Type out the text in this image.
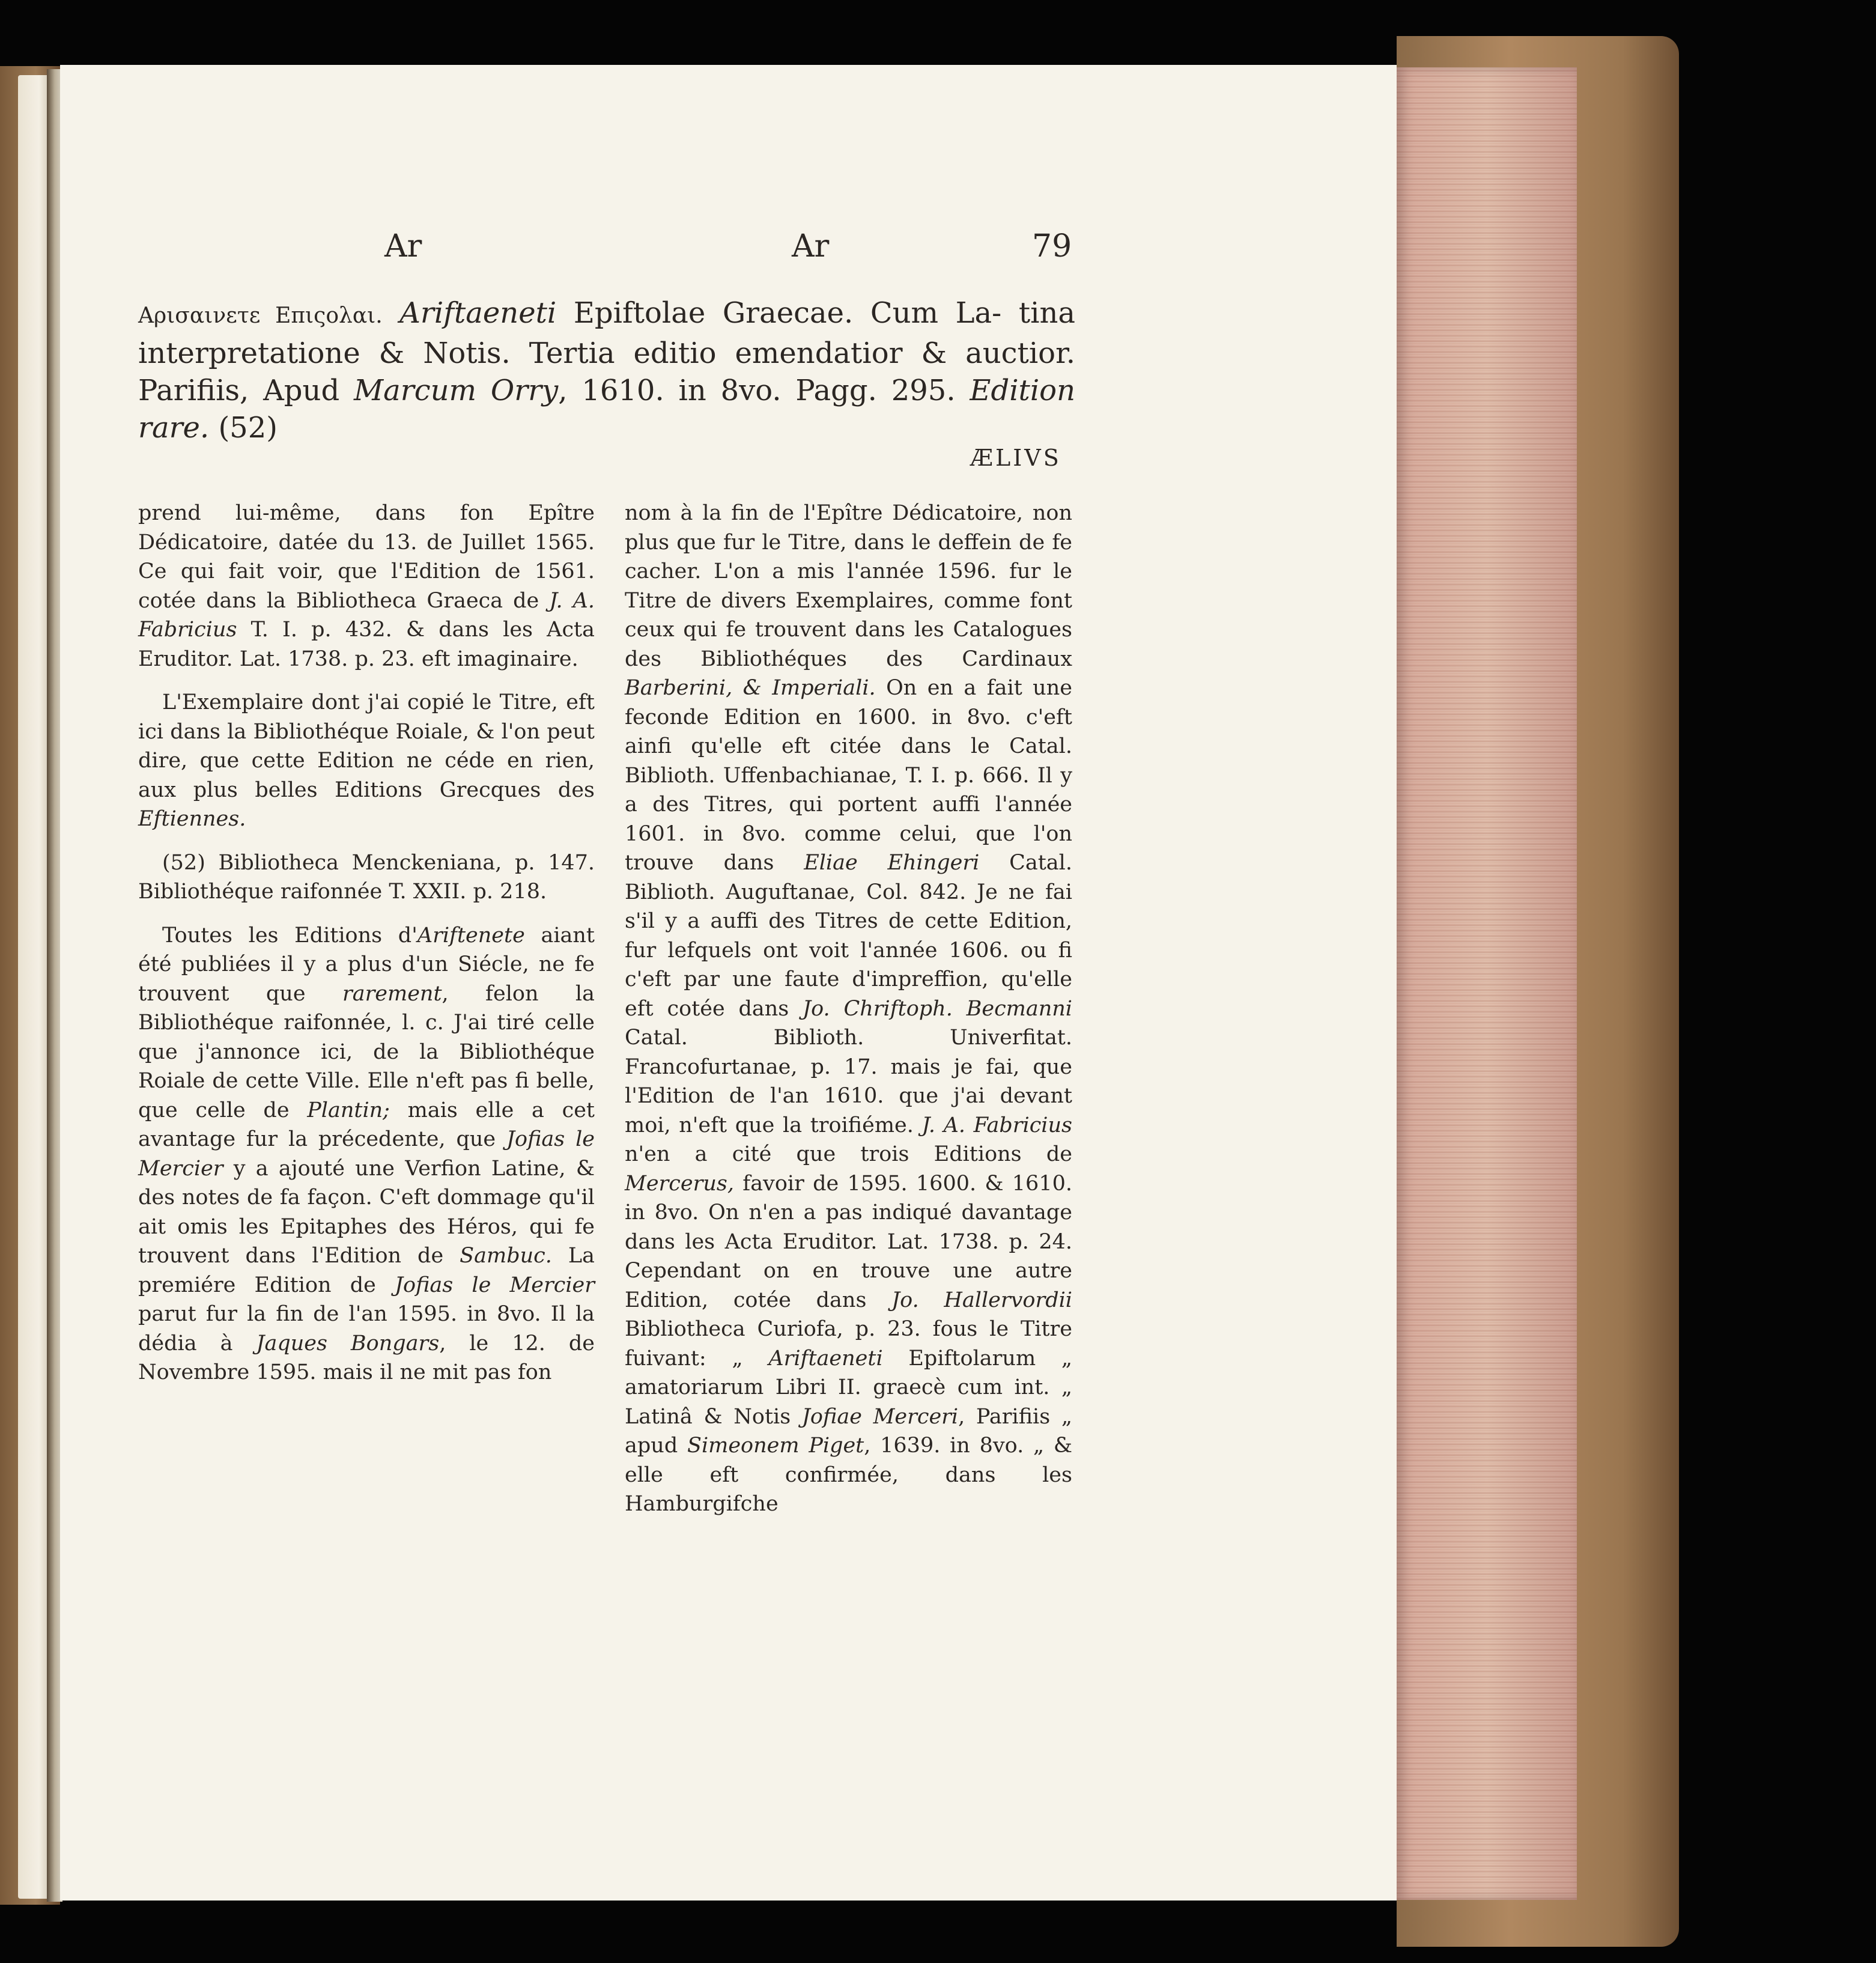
Ar	Ar	79
Αρισαινετε Επιςολαι. Ariftaeneti Epiftolae Graecae. Cum La- tina interpretatione & Notis. Tertia editio emendatior & auctior. Parifiis, Apud Marcum Orry, 1610. in 8vo. Pagg. 295. Edition rare. (52)
ÆLIVS

prend lui-même, dans fon Epître Dédicatoire, datée du 13. de Juillet 1565. Ce qui fait voir, que l'Edition de 1561. cotée dans la Bibliotheca Graeca de J. A. Fabricius T. I. p. 432. & dans les Acta Eruditor. Lat. 1738. p. 23. eft imaginaire.

L'Exemplaire dont j'ai copié le Titre, eft ici dans la Bibliothéque Roiale, & l'on peut dire, que cette Edition ne céde en rien, aux plus belles Editions Grecques des Eftiennes.

(52) Bibliotheca Menckeniana, p. 147. Bibliothéque raifonnée T. XXII. p. 218.

Toutes les Editions d'Ariftenete aiant été publiées il y a plus d'un Siécle, ne fe trouvent que rarement, felon la Bibliothéque raifonnée, l. c. J'ai tiré celle que j'annonce ici, de la Bibliothéque Roiale de cette Ville. Elle n'eft pas fi belle, que celle de Plantin; mais elle a cet avantage fur la précedente, que Jofias le Mercier y a ajouté une Verfion Latine, & des notes de fa façon. C'eft dommage qu'il ait omis les Epitaphes des Héros, qui fe trouvent dans l'Edition de Sambuc. La premiére Edition de Jofias le Mercier parut fur la fin de l'an 1595. in 8vo. Il la dédia à Jaques Bongars, le 12. de Novembre 1595. mais il ne mit pas fon

nom à la fin de l'Epître Dédicatoire, non plus que fur le Titre, dans le deffein de fe cacher. L'on a mis l'année 1596. fur le Titre de divers Exemplaires, comme font ceux qui fe trouvent dans les Catalogues des Bibliothéques des Cardinaux Barberini, & Imperiali. On en a fait une feconde Edition en 1600. in 8vo. c'eft ainfi qu'elle eft citée dans le Catal. Biblioth. Uffenbachianae, T. I. p. 666. Il y a des Titres, qui portent auffi l'année 1601. in 8vo. comme celui, que l'on trouve dans Eliae Ehingeri Catal. Biblioth. Auguftanae, Col. 842. Je ne fai s'il y a auffi des Titres de cette Edition, fur lefquels ont voit l'année 1606. ou fi c'eft par une faute d'impreffion, qu'elle eft cotée dans Jo. Chriftoph. Becmanni Catal. Biblioth. Univerfitat. Francofurtanae, p. 17. mais je fai, que l'Edition de l'an 1610. que j'ai devant moi, n'eft que la troifiéme. J. A. Fabricius n'en a cité que trois Editions de Mercerus, favoir de 1595. 1600. & 1610. in 8vo. On n'en a pas indiqué davantage dans les Acta Eruditor. Lat. 1738. p. 24. Cependant on en trouve une autre Edition, cotée dans Jo. Hallervordii Bibliotheca Curiofa, p. 23. fous le Titre fuivant: „ Ariftaeneti Epiftolarum „ amatoriarum Libri II. graecè cum int. „ Latinâ & Notis Jofiae Merceri, Parifiis „ apud Simeonem Piget, 1639. in 8vo. „ & elle eft confirmée, dans les Hamburgifche
